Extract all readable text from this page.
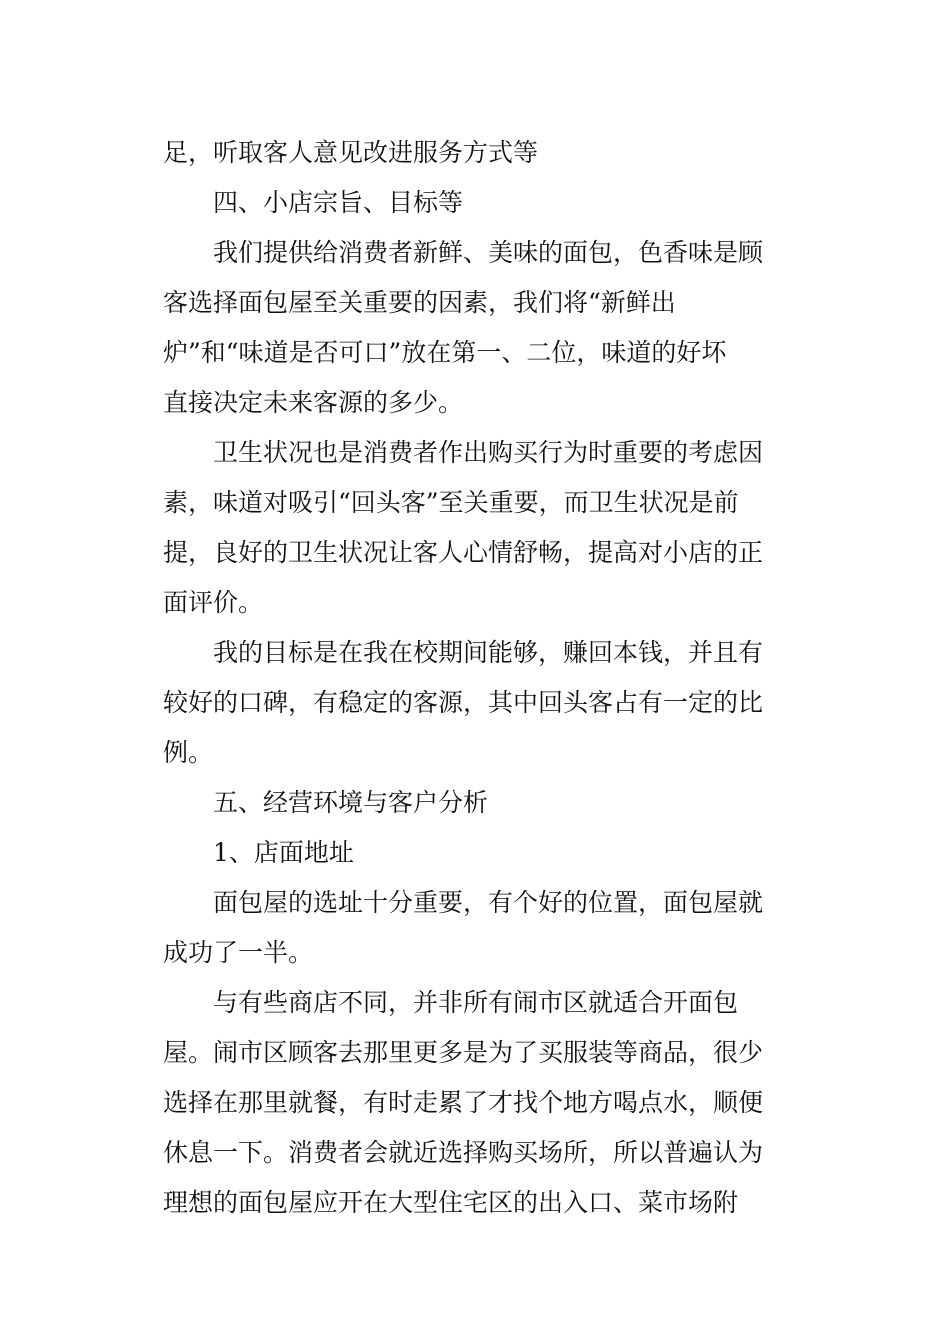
足，听取客人意见改进服务方式等
四、小店宗旨、目标等
我们提供给消费者新鲜、美味的面包，色香味是顾
客选择面包屋至关重要的因素，我们将“新鲜出
炉”和“味道是否可口”放在第一、二位，味道的好坏
直接决定未来客源的多少。
卫生状况也是消费者作出购买行为时重要的考虑因
素，味道对吸引“回头客”至关重要，而卫生状况是前
提，良好的卫生状况让客人心情舒畅，提高对小店的正
面评价。
我的目标是在我在校期间能够，赚回本钱，并且有
较好的口碑，有稳定的客源，其中回头客占有一定的比
例。
五、经营环境与客户分析
1、店面地址
面包屋的选址十分重要，有个好的位置，面包屋就
成功了一半。
与有些商店不同，并非所有闹市区就适合开面包
屋。闹市区顾客去那里更多是为了买服装等商品，很少
选择在那里就餐，有时走累了才找个地方喝点水，顺便
休息一下。消费者会就近选择购买场所，所以普遍认为
理想的面包屋应开在大型住宅区的出入口、菜市场附
